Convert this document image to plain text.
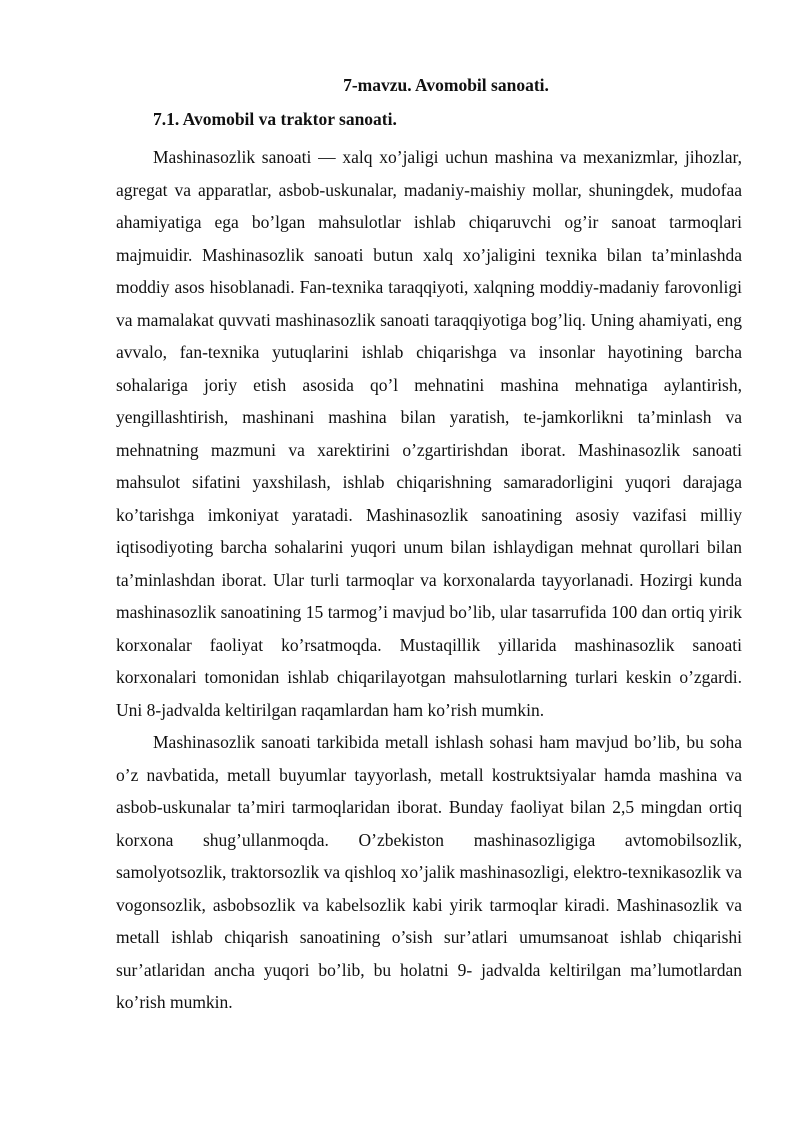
7-mavzu. Avomobil sanoati.
7.1. Avomobil va traktor sanoati.

Mashinasozlik sanoati — xalq xo’jaligi uchun mashina va mexanizmlar, jihozlar, agregat va apparatlar, asbob-uskunalar, madaniy-maishiy mollar, shuningdek, mudofaa ahamiyatiga ega bo’lgan mahsulotlar ishlab chiqaruvchi og’ir sanoat tarmoqlari majmuidir. Mashinasozlik sanoati butun xalq xo’jaligini texnika bilan ta’minlashda moddiy asos hisoblanadi. Fan-texnika taraqqiyoti, xalqning moddiy-madaniy farovonligi va mamalakat quvvati mashinasozlik sanoati taraqqiyotiga bog’liq. Uning ahamiyati, eng avvalo, fan-texnika yutuqlarini ishlab chiqarishga va insonlar hayotining barcha sohalariga joriy etish asosida qo’l mehnatini mashina mehnatiga aylantirish, yengillashtirish, mashinani mashina bilan yaratish, te-jamkorlikni ta’minlash va mehnatning mazmuni va xarektirini o’zgartirishdan iborat. Mashinasozlik sanoati mahsulot sifatini yaxshilash, ishlab chiqarishning samaradorligini yuqori darajaga ko’tarishga imkoniyat yaratadi. Mashinasozlik sanoatining asosiy vazifasi milliy iqtisodiyoting barcha sohalarini yuqori unum bilan ishlaydigan mehnat qurollari bilan ta’minlashdan iborat. Ular turli tarmoqlar va korxonalarda tayyorlanadi. Hozirgi kunda mashinasozlik sanoatining 15 tarmog’i mavjud bo’lib, ular tasarrufida 100 dan ortiq yirik korxonalar faoliyat ko’rsatmoqda. Mustaqillik yillarida mashinasozlik sanoati korxonalari tomonidan ishlab chiqarilayotgan mahsulotlarning turlari keskin o’zgardi. Uni 8-jadvalda keltirilgan raqamlardan ham ko’rish mumkin.

Mashinasozlik sanoati tarkibida metall ishlash sohasi ham mavjud bo’lib, bu soha o’z navbatida, metall buyumlar tayyorlash, metall kostruktsiyalar hamda mashina va asbob-uskunalar ta’miri tarmoqlaridan iborat. Bunday faoliyat bilan 2,5 mingdan ortiq korxona shug’ullanmoqda. O’zbekiston mashinasozligiga avtomobilsozlik, samolyotsozlik, traktorsozlik va qishloq xo’jalik mashinasozligi, elektro-texnikasozlik va vogonsozlik, asbobsozlik va kabelsozlik kabi yirik tarmoqlar kiradi. Mashinasozlik va metall ishlab chiqarish sanoatining o’sish sur’atlari umumsanoat ishlab chiqarishi sur’atlaridan ancha yuqori bo’lib, bu holatni 9- jadvalda keltirilgan ma’lumotlardan ko’rish mumkin.
